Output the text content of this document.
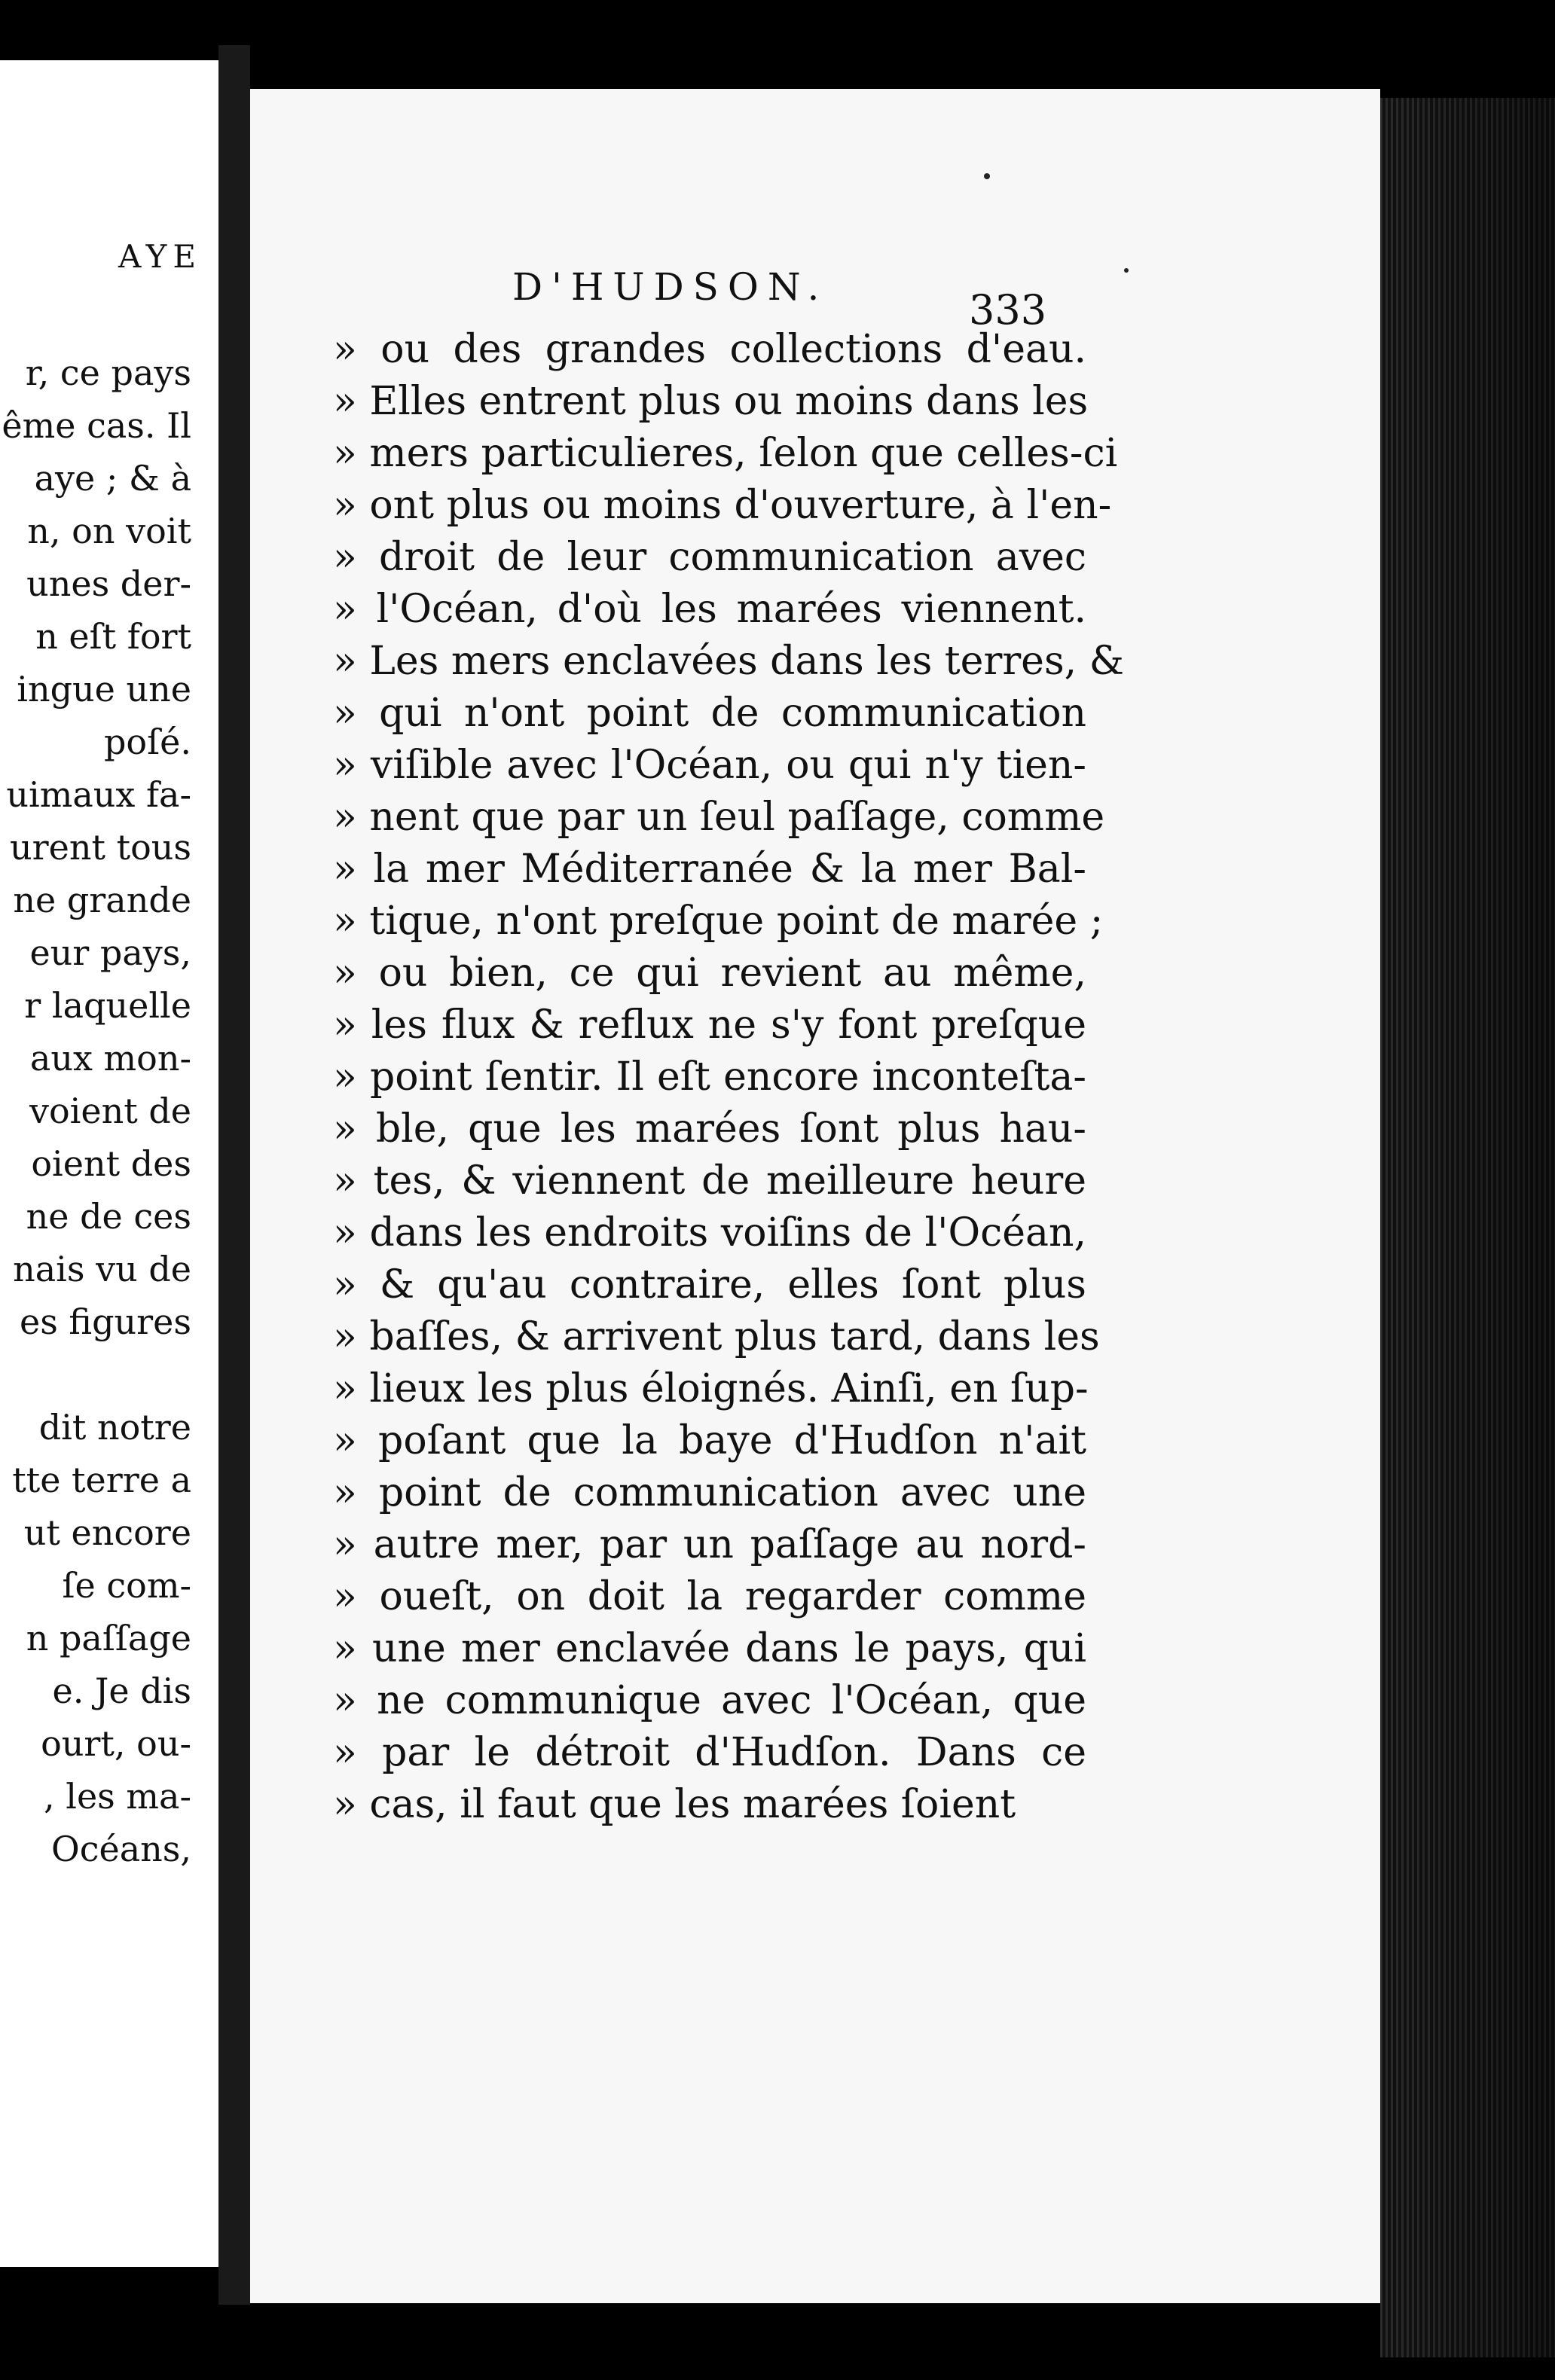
AYE
r, ce pays
ême cas. Il
aye ; & à
n, on voit
unes der-
n eſt fort
ingue une
poſé.
uimaux fa-
urent tous
ne grande
eur pays,
r laquelle
aux mon-
voient de
oient des
ne de ces
nais vu de
es figures
dit notre
tte terre a
ut encore
ſe com-
n paſſage
e. Je dis
ourt, ou-
, les ma-
Océans,
D'HUDSON.	333
» ou des grandes collections d'eau.
» Elles entrent plus ou moins dans les
» mers particulieres, ſelon que celles-ci
» ont plus ou moins d'ouverture, à l'en-
» droit de leur communication avec
» l'Océan, d'où les marées viennent.
» Les mers enclavées dans les terres, &
» qui n'ont point de communication
» viſible avec l'Océan, ou qui n'y tien-
» nent que par un ſeul paſſage, comme
» la mer Méditerranée & la mer Bal-
» tique, n'ont preſque point de marée ;
» ou bien, ce qui revient au même,
» les flux & reflux ne s'y font preſque
» point ſentir. Il eſt encore inconteſta-
» ble, que les marées ſont plus hau-
» tes, & viennent de meilleure heure
» dans les endroits voiſins de l'Océan,
» & qu'au contraire, elles ſont plus
» baſſes, & arrivent plus tard, dans les
» lieux les plus éloignés. Ainſi, en ſup-
» poſant que la baye d'Hudſon n'ait
» point de communication avec une
» autre mer, par un paſſage au nord-
» oueſt, on doit la regarder comme
» une mer enclavée dans le pays, qui
» ne communique avec l'Océan, que
» par le détroit d'Hudſon. Dans ce
» cas, il faut que les marées ſoient
